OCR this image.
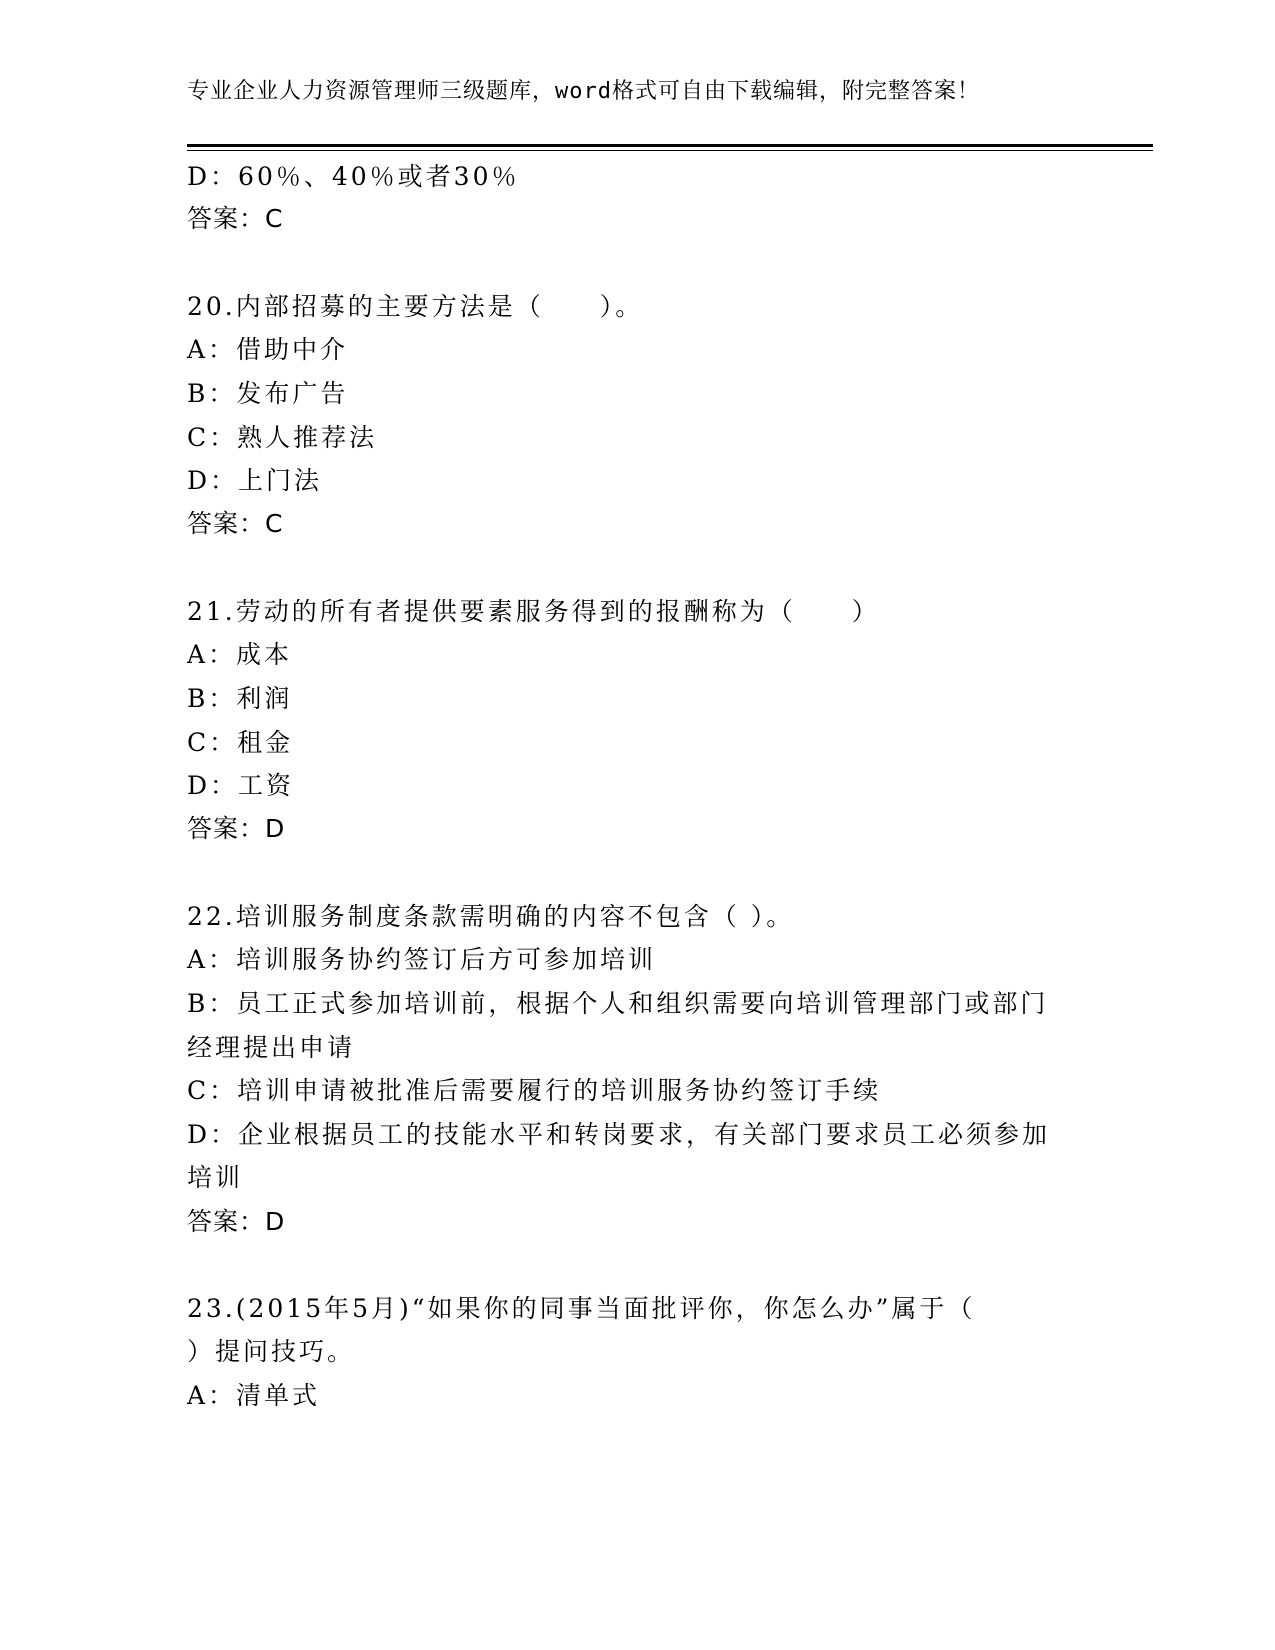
专业企业人力资源管理师三级题库，word格式可自由下载编辑，附完整答案！
D：60％、40％或者30％
答案：C
20.内部招募的主要方法是（　　）。
A：借助中介
B：发布广告
C：熟人推荐法
D：上门法
答案：C
21.劳动的所有者提供要素服务得到的报酬称为（　　）
A：成本
B：利润
C：租金
D：工资
答案：D
22.培训服务制度条款需明确的内容不包含（ ）。
A：培训服务协约签订后方可参加培训
B：员工正式参加培训前，根据个人和组织需要向培训管理部门或部门
经理提出申请
C：培训申请被批准后需要履行的培训服务协约签订手续
D：企业根据员工的技能水平和转岗要求，有关部门要求员工必须参加
培训
答案：D
23.(2015年5月)“如果你的同事当面批评你，你怎么办”属于（
）提问技巧。
A：清单式
